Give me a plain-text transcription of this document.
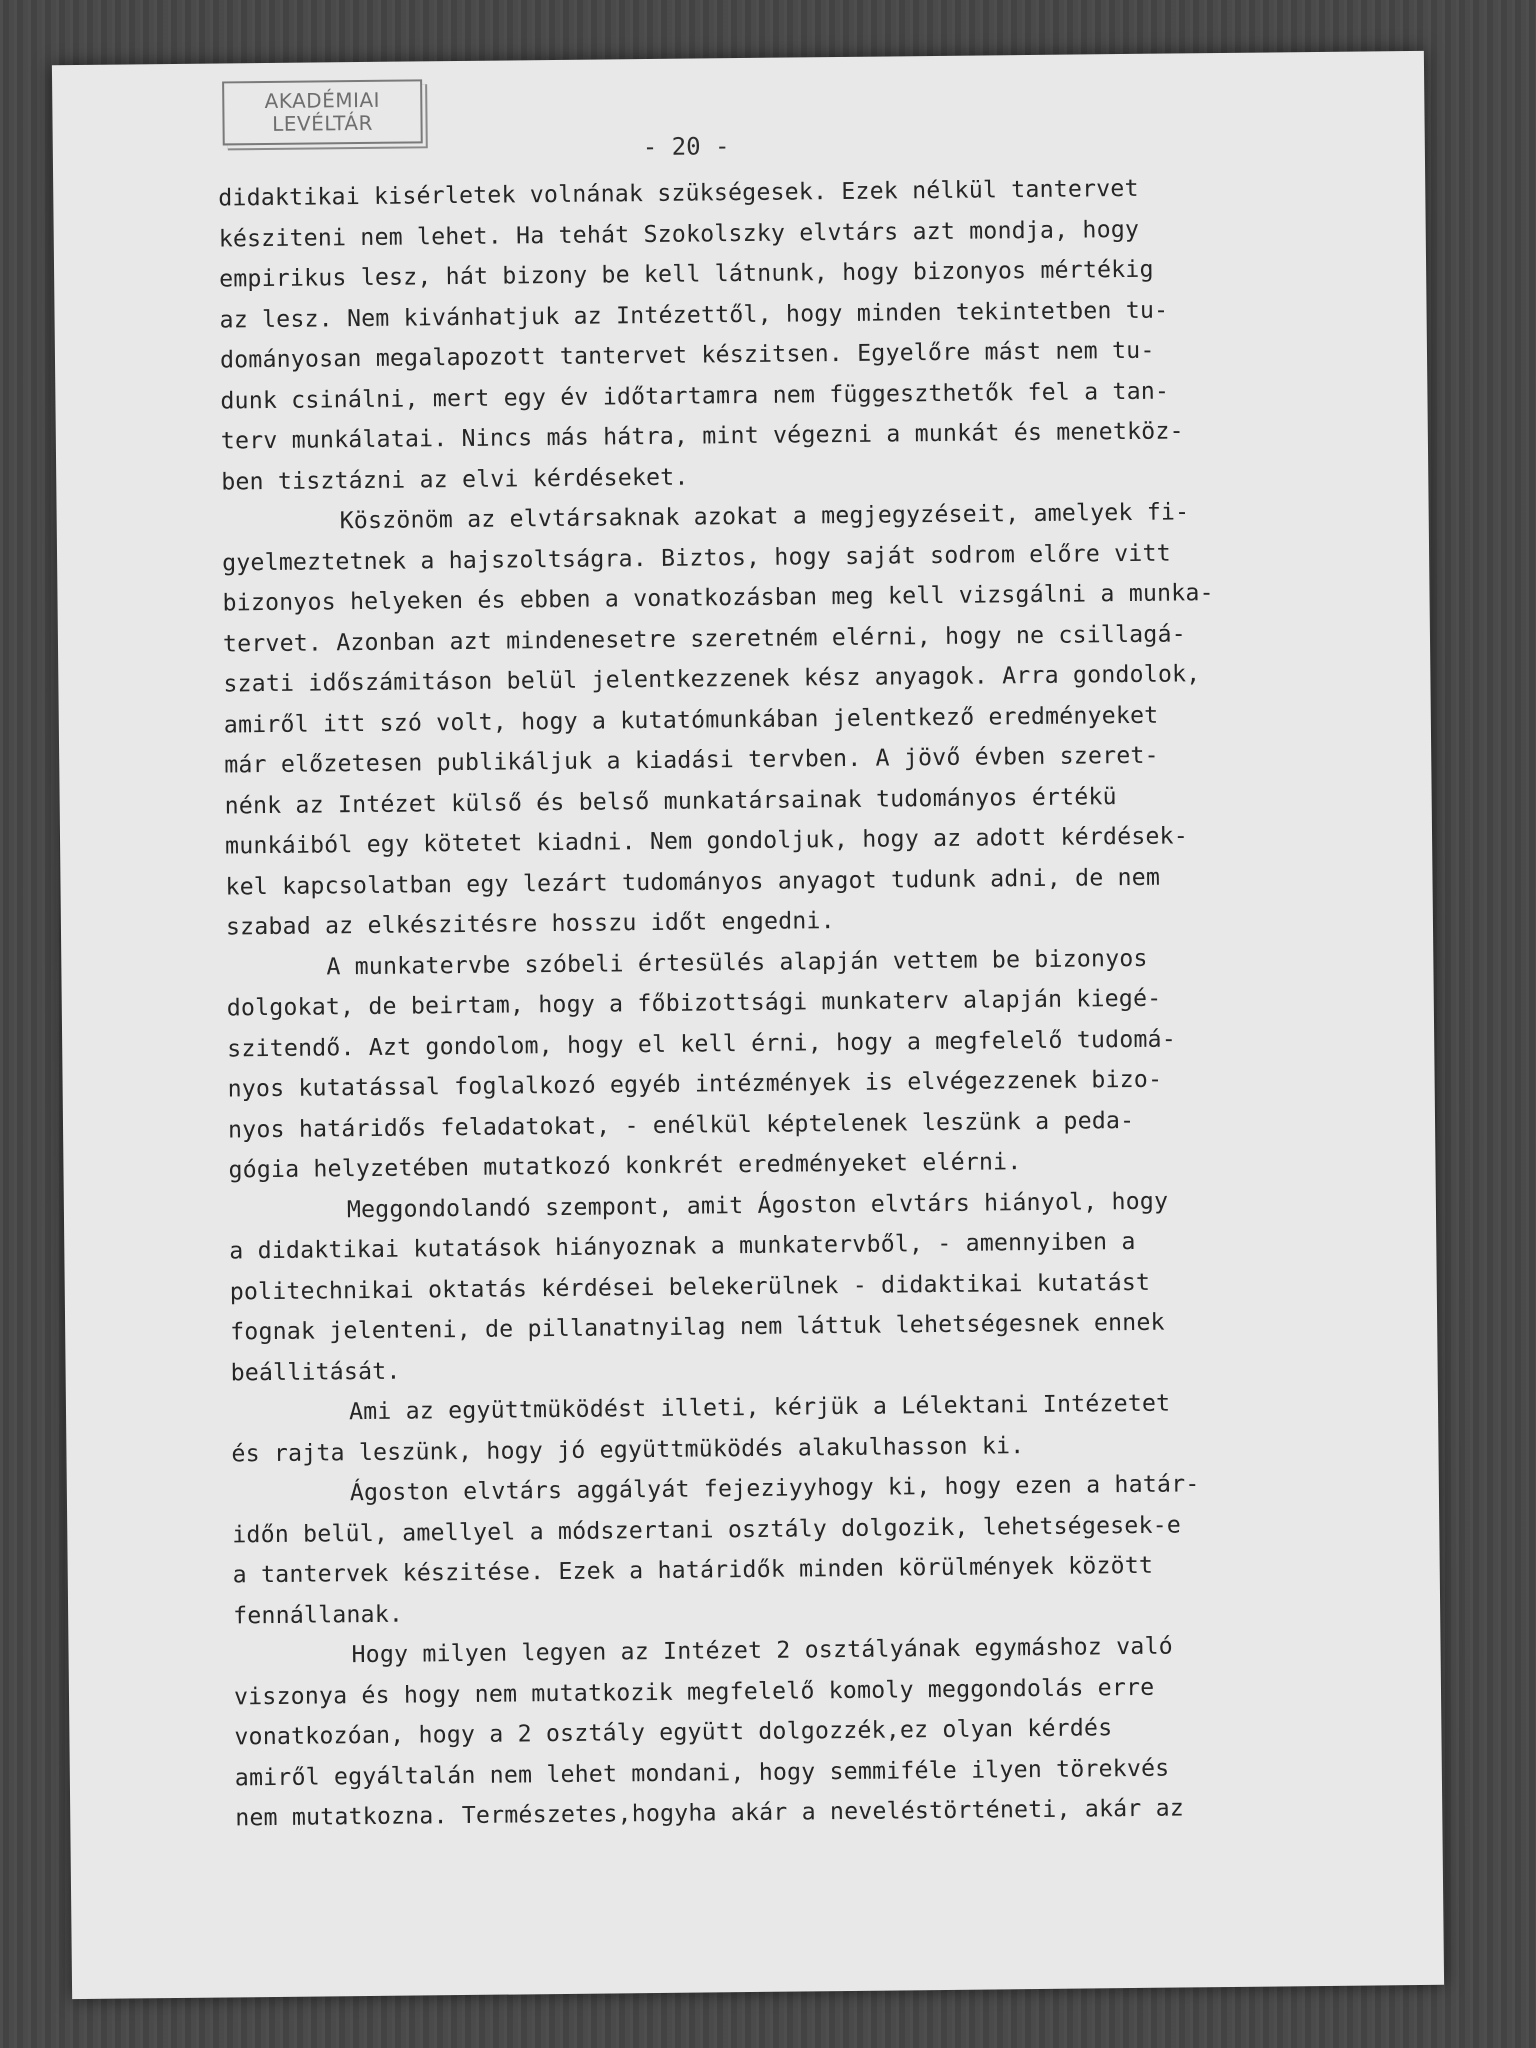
AKADÉMIAI
LEVÉLTÁR
- 20 -
didaktikai kisérletek volnának szükségesek. Ezek nélkül tantervet
késziteni nem lehet. Ha tehát Szokolszky elvtárs azt mondja, hogy
empirikus lesz, hát bizony be kell látnunk, hogy bizonyos mértékig
az lesz. Nem kivánhatjuk az Intézettől, hogy minden tekintetben tu-
dományosan megalapozott tantervet készitsen. Egyelőre mást nem tu-
dunk csinálni, mert egy év időtartamra nem függeszthetők fel a tan-
terv munkálatai. Nincs más hátra, mint végezni a munkát és menetköz-
ben tisztázni az elvi kérdéseket.
Köszönöm az elvtársaknak azokat a megjegyzéseit, amelyek fi-
gyelmeztetnek a hajszoltságra. Biztos, hogy saját sodrom előre vitt
bizonyos helyeken és ebben a vonatkozásban meg kell vizsgálni a munka-
tervet. Azonban azt mindenesetre szeretném elérni, hogy ne csillagá-
szati időszámitáson belül jelentkezzenek kész anyagok. Arra gondolok,
amiről itt szó volt, hogy a kutatómunkában jelentkező eredményeket
már előzetesen publikáljuk a kiadási tervben. A jövő évben szeret-
nénk az Intézet külső és belső munkatársainak tudományos értékü
munkáiból egy kötetet kiadni. Nem gondoljuk, hogy az adott kérdések-
kel kapcsolatban egy lezárt tudományos anyagot tudunk adni, de nem
szabad az elkészitésre hosszu időt engedni.
A munkatervbe szóbeli értesülés alapján vettem be bizonyos
dolgokat, de beirtam, hogy a főbizottsági munkaterv alapján kiegé-
szitendő. Azt gondolom, hogy el kell érni, hogy a megfelelő tudomá-
nyos kutatással foglalkozó egyéb intézmények is elvégezzenek bizo-
nyos határidős feladatokat, - enélkül képtelenek leszünk a peda-
gógia helyzetében mutatkozó konkrét eredményeket elérni.
Meggondolandó szempont, amit Ágoston elvtárs hiányol, hogy
a didaktikai kutatások hiányoznak a munkatervből, - amennyiben a
politechnikai oktatás kérdései belekerülnek - didaktikai kutatást
fognak jelenteni, de pillanatnyilag nem láttuk lehetségesnek ennek
beállitását.
Ami az együttmüködést illeti, kérjük a Lélektani Intézetet
és rajta leszünk, hogy jó együttmüködés alakulhasson ki.
Ágoston elvtárs aggályát fejeziyyhogy ki, hogy ezen a határ-
időn belül, amellyel a módszertani osztály dolgozik, lehetségesek-e
a tantervek készitése. Ezek a határidők minden körülmények között
fennállanak.
Hogy milyen legyen az Intézet 2 osztályának egymáshoz való
viszonya és hogy nem mutatkozik megfelelő komoly meggondolás erre
vonatkozóan, hogy a 2 osztály együtt dolgozzék,ez olyan kérdés
amiről egyáltalán nem lehet mondani, hogy semmiféle ilyen törekvés
nem mutatkozna. Természetes,hogyha akár a neveléstörténeti, akár az
